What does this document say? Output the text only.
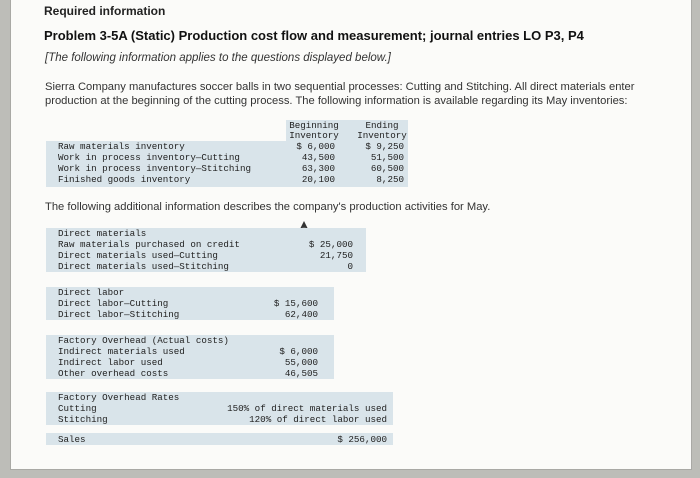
Required information
Problem 3-5A (Static) Production cost flow and measurement; journal entries LO P3, P4
[The following information applies to the questions displayed below.]
Sierra Company manufactures soccer balls in two sequential processes: Cutting and Stitching. All direct materials enter production at the beginning of the cutting process. The following information is available regarding its May inventories:
Beginning
Inventory
Ending
Inventory
Raw materials inventory	$ 6,000	$ 9,250
Work in process inventory—Cutting	43,500	51,500
Work in process inventory—Stitching	63,300	60,500
Finished goods inventory	20,100	8,250
The following additional information describes the company's production activities for May.
Direct materials
Raw materials purchased on credit	$ 25,000
Direct materials used—Cutting	21,750
Direct materials used—Stitching	0
Direct labor
Direct labor—Cutting	$ 15,600
Direct labor—Stitching	62,400
Factory Overhead (Actual costs)
Indirect materials used	$ 6,000
Indirect labor used	55,000
Other overhead costs	46,505
Factory Overhead Rates
Cutting	150% of direct materials used
Stitching	120% of direct labor used
Sales	$ 256,000
